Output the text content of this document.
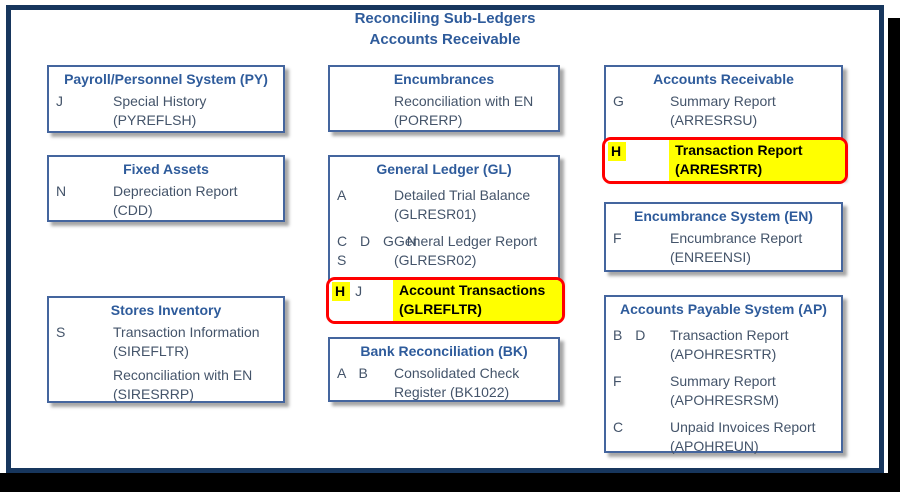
Reconciling Sub-Ledgers
Accounts Receivable
Payroll/Personnel System (PY)
J	Special History
(PYREFLSH)
Fixed Assets
N	Depreciation Report
(CDD)
Stores Inventory
S	Transaction Information
(SIREFLTR)
Reconciliation with EN
(SIRESRRP)
Encumbrances
Reconciliation with EN
(PORERP)
General Ledger (GL)
A	Detailed Trial Balance
(GLRESR01)
C D G N
S
General Ledger Report
(GLRESR02)
H J	Account Transactions
(GLREFLTR)
Bank Reconciliation (BK)
A B	Consolidated Check
Register (BK1022)
Accounts Receivable
G	Summary Report
(ARRESRSU)
H	Transaction Report
(ARRESRTR)
Encumbrance System (EN)
F	Encumbrance Report
(ENREENSI)
Accounts Payable System (AP)
B D	Transaction Report
(APOHRESRTR)
F	Summary Report
(APOHRESRSM)
C	Unpaid Invoices Report
(APOHREUN)
